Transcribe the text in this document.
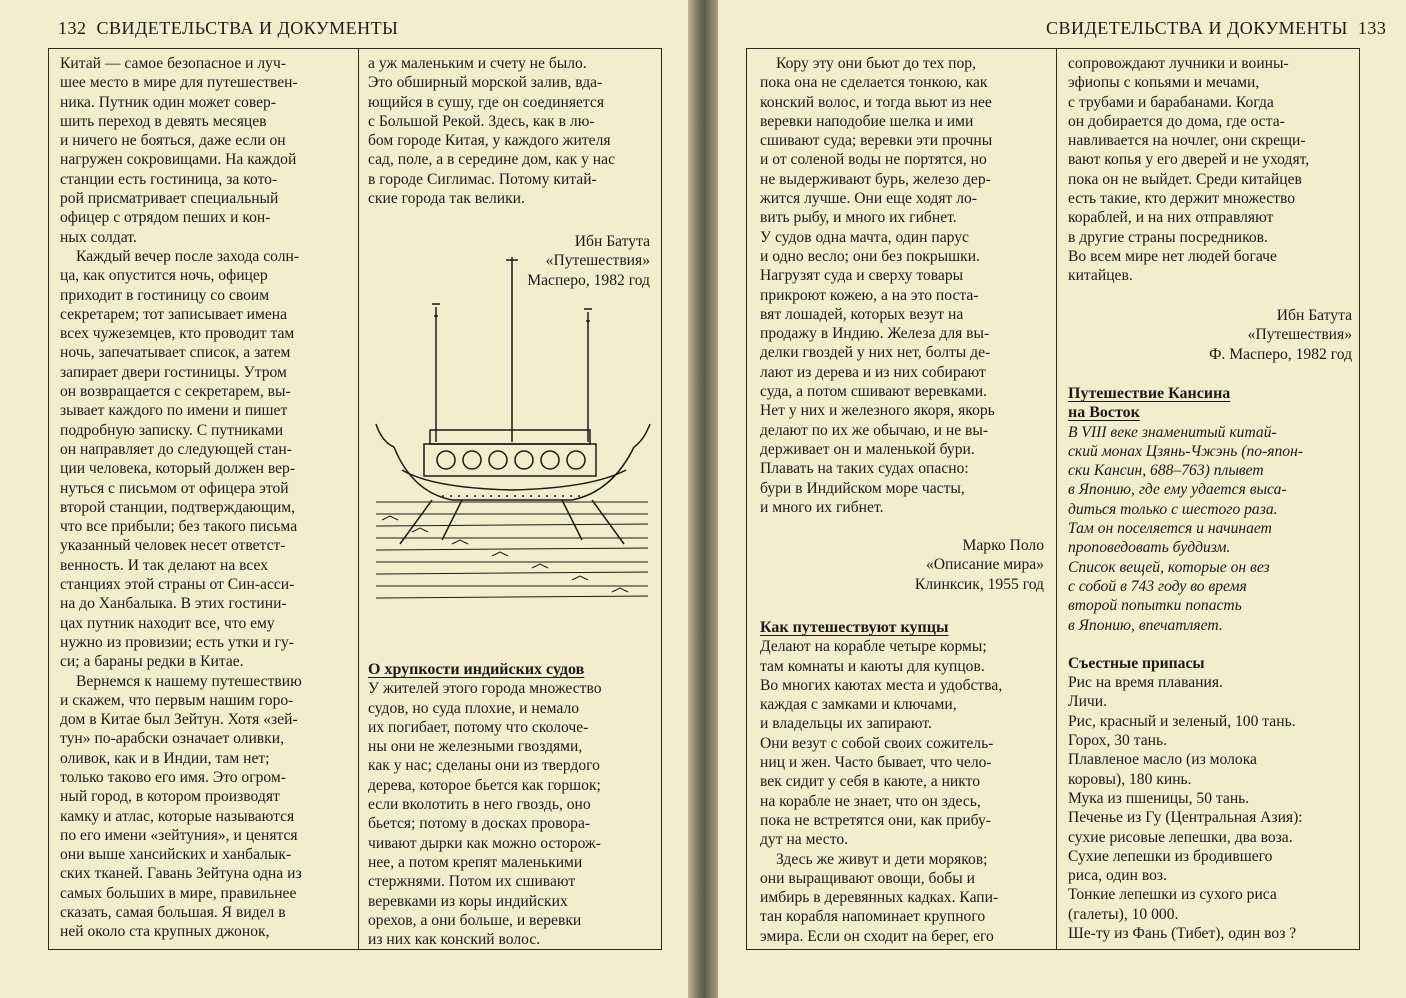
132 СВИДЕТЕЛЬСТВА И ДОКУМЕНТЫ
Китай — самое безопасное и луч-
шее место в мире для путешествен-
ника. Путник один может совер-
шить переход в девять месяцев
и ничего не бояться, даже если он
нагружен сокровищами. На каждой
станции есть гостиница, за кото-
рой присматривает специальный
офицер с отрядом пеших и кон-
ных солдат.
Каждый вечер после захода солн-
ца, как опустится ночь, офицер
приходит в гостиницу со своим
секретарем; тот записывает имена
всех чужеземцев, кто проводит там
ночь, запечатывает список, а затем
запирает двери гостиницы. Утром
он возвращается с секретарем, вы-
зывает каждого по имени и пишет
подробную записку. С путниками
он направляет до следующей стан-
ции человека, который должен вер-
нуться с письмом от офицера этой
второй станции, подтверждающим,
что все прибыли; без такого письма
указанный человек несет ответст-
венность. И так делают на всех
станциях этой страны от Син-асси-
на до Ханбалыка. В этих гостини-
цах путник находит все, что ему
нужно из провизии; есть утки и гу-
си; а бараны редки в Китае.
Вернемся к нашему путешествию
и скажем, что первым нашим горо-
дом в Китае был Зейтун. Хотя «зей-
тун» по-арабски означает оливки,
оливок, как и в Индии, там нет;
только таково его имя. Это огром-
ный город, в котором производят
камку и атлас, которые называются
по его имени «зейтуния», и ценятся
они выше хансийских и ханбалык-
ских тканей. Гавань Зейтуна одна из
самых больших в мире, правильнее
сказать, самая большая. Я видел в
ней около ста крупных джонок,
а уж маленьким и счету не было.
Это обширный морской залив, вда-
ющийся в сушу, где он соединяется
с Большой Рекой. Здесь, как в лю-
бом городе Китая, у каждого жителя
сад, поле, а в середине дом, как у нас
в городе Сиглимас. Потому китай-
ские города так велики.
Ибн Батута
«Путешествия»
Масперо, 1982 год
О хрупкости индийских судов
У жителей этого города множество
судов, но суда плохие, и немало
их погибает, потому что сколоче-
ны они не железными гвоздями,
как у нас; сделаны они из твердого
дерева, которое бьется как горшок;
если вколотить в него гвоздь, оно
бьется; потому в досках провора-
чивают дырки как можно осторож-
нее, а потом крепят маленькими
стержнями. Потом их сшивают
веревками из коры индийских
орехов, а они больше, и веревки
из них как конский волос.
СВИДЕТЕЛЬСТВА И ДОКУМЕНТЫ 133
Кору эту они бьют до тех пор,
пока она не сделается тонкою, как
конский волос, и тогда вьют из нее
веревки наподобие шелка и ими
сшивают суда; веревки эти прочны
и от соленой воды не портятся, но
не выдерживают бурь, железо дер-
жится лучше. Они еще ходят ло-
вить рыбу, и много их гибнет.
У судов одна мачта, один парус
и одно весло; они без покрышки.
Нагрузят суда и сверху товары
прикроют кожею, а на это поста-
вят лошадей, которых везут на
продажу в Индию. Железа для вы-
делки гвоздей у них нет, болты де-
лают из дерева и из них собирают
суда, а потом сшивают веревками.
Нет у них и железного якоря, якорь
делают по их же обычаю, и не вы-
держивает он и маленькой бури.
Плавать на таких судах опасно:
бури в Индийском море часты,
и много их гибнет.
Марко Поло
«Описание мира»
Клинксик, 1955 год
Как путешествуют купцы
Делают на корабле четыре кормы;
там комнаты и каюты для купцов.
Во многих каютах места и удобства,
каждая с замками и ключами,
и владельцы их запирают.
Они везут с собой своих сожитель-
ниц и жен. Часто бывает, что чело-
век сидит у себя в каюте, а никто
на корабле не знает, что он здесь,
пока не встретятся они, как прибу-
дут на место.
Здесь же живут и дети моряков;
они выращивают овощи, бобы и
имбирь в деревянных кадках. Капи-
тан корабля напоминает крупного
эмира. Если он сходит на берег, его
сопровождают лучники и воины-
эфиопы с копьями и мечами,
с трубами и барабанами. Когда
он добирается до дома, где оста-
навливается на ночлег, они скрещи-
вают копья у его дверей и не уходят,
пока он не выйдет. Среди китайцев
есть такие, кто держит множество
кораблей, и на них отправляют
в другие страны посредников.
Во всем мире нет людей богаче
китайцев.
Ибн Батута
«Путешествия»
Ф. Масперо, 1982 год
Путешествие Кансина
на Восток
В VIII веке знаменитый китай-
ский монах Цзянь-Чжэнь (по-япон-
ски Кансин, 688–763) плывет
в Японию, где ему удается выса-
диться только с шестого раза.
Там он поселяется и начинает
проповедовать буддизм.
Список вещей, которые он вез
с собой в 743 году во время
второй попытки попасть
в Японию, впечатляет.
Съестные припасы
Рис на время плавания.
Личи.
Рис, красный и зеленый, 100 тань.
Горох, 30 тань.
Плавленое масло (из молока
коровы), 180 кинь.
Мука из пшеницы, 50 тань.
Печенье из Гу (Центральная Азия):
сухие рисовые лепешки, два воза.
Сухие лепешки из бродившего
риса, один воз.
Тонкие лепешки из сухого риса
(галеты), 10 000.
Ше-ту из Фань (Тибет), один воз ?
